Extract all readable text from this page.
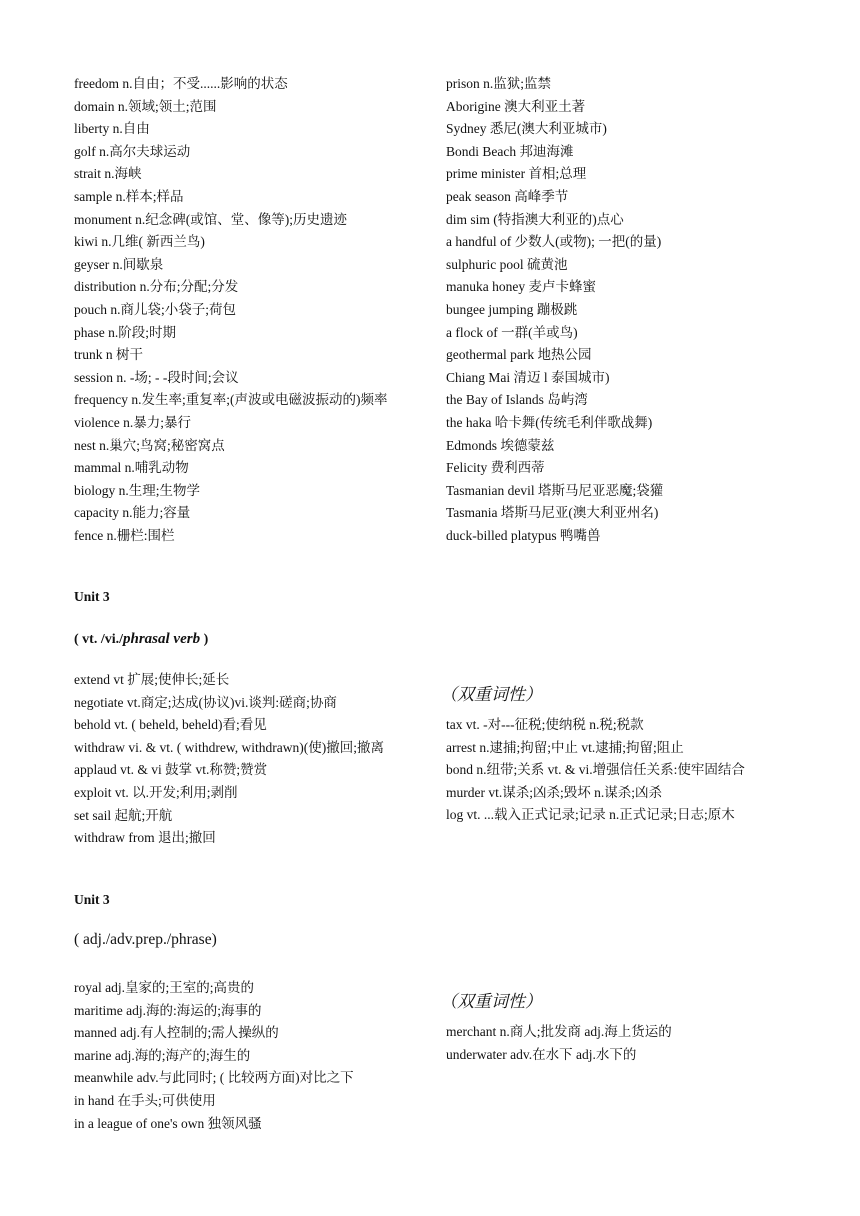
freedom n.自由；不受......影响的状态
domain n.领域;领土;范围
liberty n.自由
golf n.高尔夫球运动
strait n.海峡
sample n.样本;样品
monument n.纪念碑(或馆、堂、像等);历史遗迹
kiwi n.几维( 新西兰鸟)
geyser n.间歇泉
distribution n.分布;分配;分发
pouch n.商儿袋;小袋子;荷包
phase n.阶段;时期
trunk n 树干
session n. -场; - -段时间;会议
frequency n.发生率;重复率;(声波或电磁波振动的)频率
violence n.暴力;暴行
nest n.巢穴;鸟窝;秘密窝点
mammal n.哺乳动物
biology n.生理;生物学
capacity n.能力;容量
fence n.栅栏:围栏
prison n.监狱;监禁
Aborigine 澳大利亚土著
Sydney 悉尼(澳大利亚城市)
Bondi Beach 邦迪海滩
prime minister 首相;总理
peak season 高峰季节
dim sim (特指澳大利亚的)点心
a handful of 少数人(或物); 一把(的量)
sulphuric pool 硫黄池
manuka honey 麦卢卡蜂蜜
bungee jumping 蹦极跳
a flock of 一群(羊或鸟)
geothermal park 地热公园
Chiang Mai 清迈 l 泰国城市)
the Bay of Islands 岛屿湾
the haka 哈卡舞(传统毛利伴歌战舞)
Edmonds 埃德蒙兹
Felicity 费利西蒂
Tasmanian devil 塔斯马尼亚恶魔;袋獾
Tasmania 塔斯马尼亚(澳大利亚州名)
duck-billed platypus 鸭嘴兽
Unit 3
( vt. /vi./phrasal verb )
（双重词性）
extend vt 扩展;使伸长;延长
negotiate vt.商定;达成(协议)vi.谈判:磋商;协商
behold vt. ( beheld, beheld)看;看见
withdraw vi. & vt. ( withdrew, withdrawn)(使)撤回;撤离
applaud vt. & vi 鼓掌 vt.称赞;赞赏
exploit vt. 以.开发;利用;剥削
set sail 起航;开航
withdraw from 退出;撤回
tax vt. -对---征税;使纳税 n.税;税款
arrest n.逮捕;拘留;中止 vt.逮捕;拘留;阻止
bond n.纽带;关系 vt. & vi.增强信任关系:使牢固结合
murder vt.谋杀;凶杀;毁坏 n.谋杀;凶杀
log vt. ...载入正式记录;记录 n.正式记录;日志;原木
Unit 3
( adj./adv.prep./phrase)
（双重词性）
royal adj.皇家的;王室的;高贵的
maritime adj.海的:海运的;海事的
manned adj.有人控制的;需人操纵的
marine adj.海的;海产的;海生的
meanwhile adv.与此同时; ( 比较两方面)对比之下
in hand 在手头;可供使用
in a league of one's own 独领风骚
merchant n.商人;批发商 adj.海上货运的
underwater adv.在水下 adj.水下的
